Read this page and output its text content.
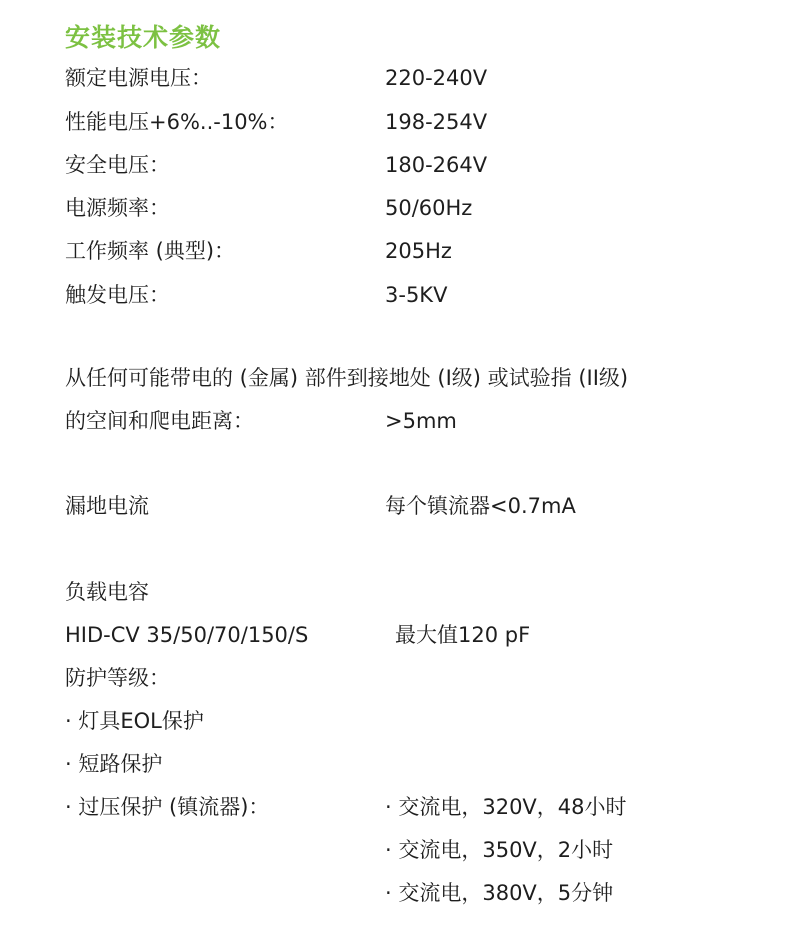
安装技术参数
额定电源电压：	220-240V
性能电压+6%..-10%：	198-254V
安全电压：	180-264V
电源频率：	50/60Hz
工作频率 (典型)：	205Hz
触发电压：	3-5KV
从任何可能带电的 (金属) 部件到接地处 (I级) 或试验指 (II级)
的空间和爬电距离：	>5mm
漏地电流	每个镇流器<0.7mA
负载电容
HID-CV 35/50/70/150/S	最大值120 pF
防护等级：
· 灯具EOL保护
· 短路保护
· 过压保护 (镇流器)：	· 交流电，320V，48小时
· 交流电，350V，2小时
· 交流电，380V，5分钟
